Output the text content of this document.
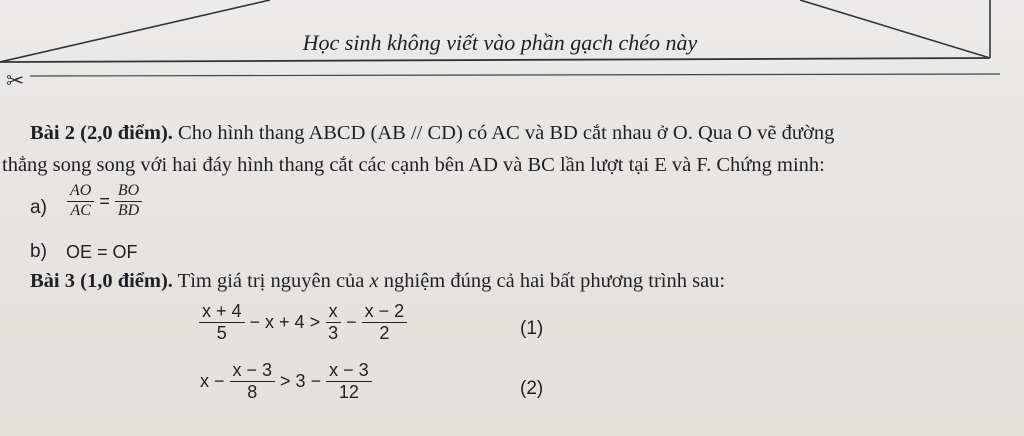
Học sinh không viết vào phần gạch chéo này
✂
Bài 2 (2,0 điểm). Cho hình thang ABCD (AB // CD) có AC và BD cắt nhau ở O. Qua O vẽ đường
thẳng song song với hai đáy hình thang cắt các cạnh bên AD và BC lần lượt tại E và F. Chứng minh:
$a) \frac{AO}{AC} = \frac{BO}{BD}$
b) OE = OF
Bài 3 (1,0 điểm). Tìm giá trị nguyên của x nghiệm đúng cả hai bất phương trình sau:
$\frac{x + 4}{5} - x + 4 > \frac{x}{3} - \frac{x - 2}{2}$	(1)
$x - \frac{x - 3}{8} > 3 - \frac{x - 3}{12}$	(2)
